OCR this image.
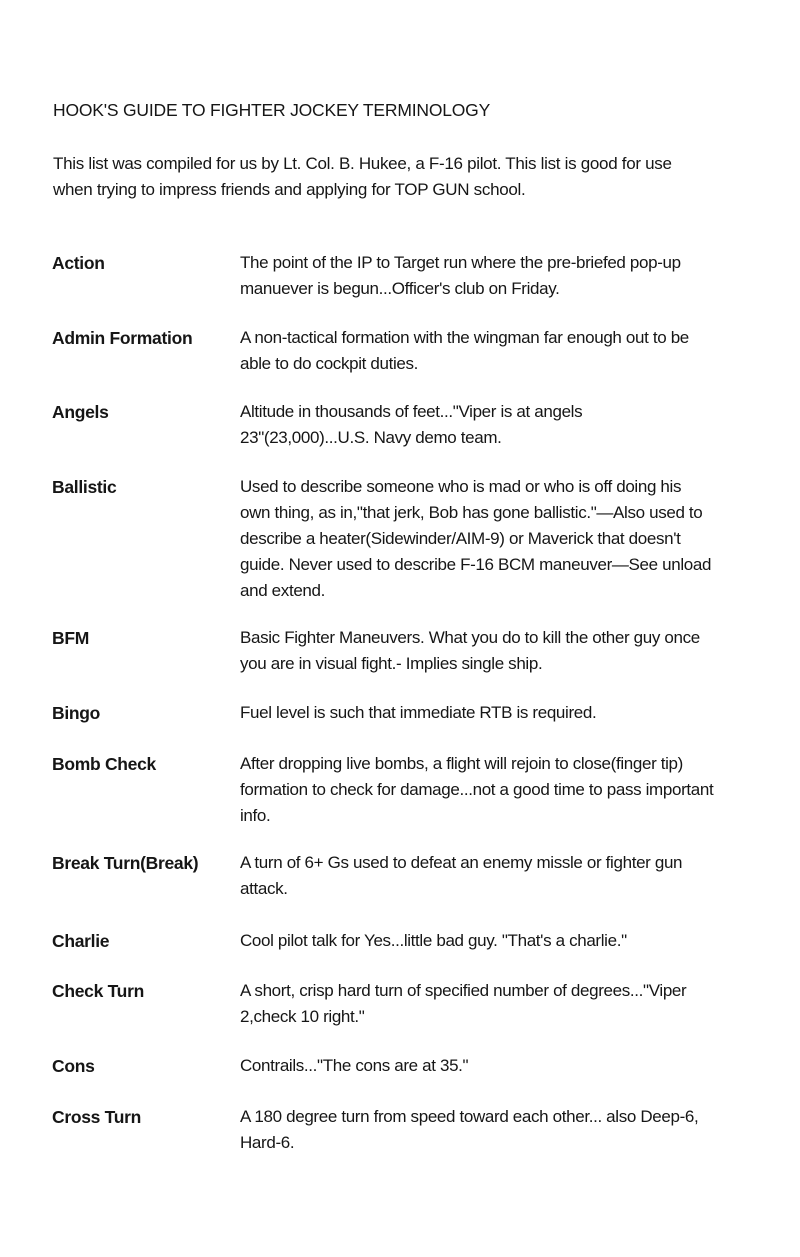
HOOK'S GUIDE TO FIGHTER JOCKEY TERMINOLOGY
This list was compiled for us by Lt. Col. B. Hukee, a F-16 pilot. This list is good for use
when trying to impress friends and applying for TOP GUN school.
Action	The point of the IP to Target run where the pre-briefed pop-up
manuever is begun...Officer's club on Friday.
Admin Formation	A non-tactical formation with the wingman far enough out to be
able to do cockpit duties.
Angels	Altitude in thousands of feet..."Viper is at angels
23"(23,000)...U.S. Navy demo team.
Ballistic	Used to describe someone who is mad or who is off doing his
own thing, as in,"that jerk, Bob has gone ballistic."—Also used to
describe a heater(Sidewinder/AIM-9) or Maverick that doesn't
guide. Never used to describe F-16 BCM maneuver—See unload
and extend.
BFM	Basic Fighter Maneuvers. What you do to kill the other guy once
you are in visual fight.- Implies single ship.
Bingo	Fuel level is such that immediate RTB is required.
Bomb Check	After dropping live bombs, a flight will rejoin to close(finger tip)
formation to check for damage...not a good time to pass important
info.
Break Turn(Break) A turn of 6+ Gs used to defeat an enemy missle or fighter gun
attack.
Charlie	Cool pilot talk for Yes...little bad guy. "That's a charlie."
Check Turn	A short, crisp hard turn of specified number of degrees..."Viper
2,check 10 right."
Cons	Contrails..."The cons are at 35."
Cross Turn	A 180 degree turn from speed toward each other... also Deep-6,
Hard-6.
